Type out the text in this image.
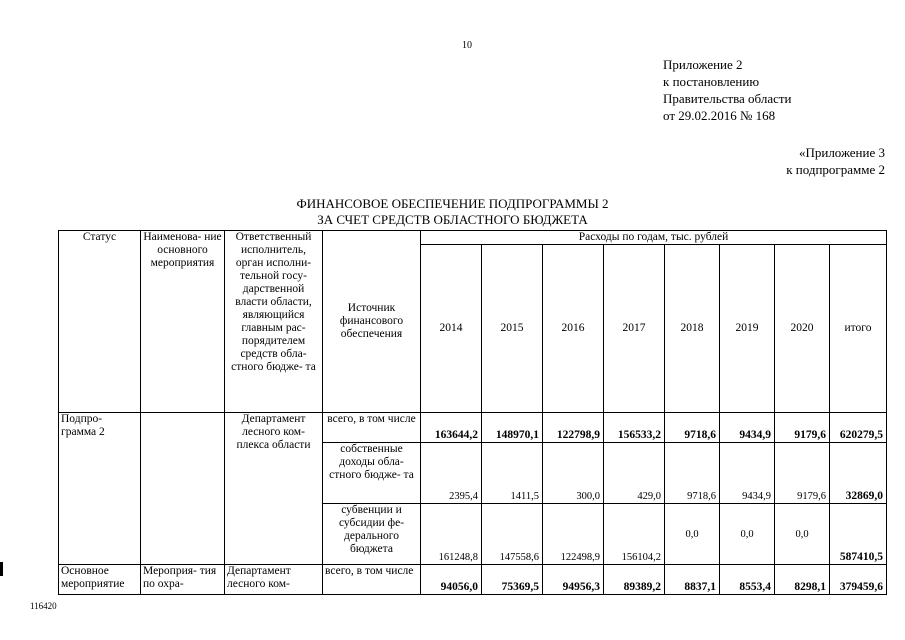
10
Приложение 2
к постановлению
Правительства области
от 29.02.2016 № 168
«Приложение 3
к подпрограмме 2
ФИНАНСОВОЕ ОБЕСПЕЧЕНИЕ ПОДПРОГРАММЫ 2
ЗА СЧЕТ СРЕДСТВ ОБЛАСТНОГО БЮДЖЕТА
Статус	Наименова- ние основного мероприятия	Ответственный исполнитель, орган исполни- тельной госу- дарственной власти области, являющийся главным рас- порядителем средств обла- стного бюдже- та	Источник финансового обеспечения	Расходы по годам, тыс. рублей							
				2014	2015	2016	2017	2018	2019	2020	итого
Подпро- грамма 2		Департамент лесного ком- плекса области	всего, в том числе	163644,2	148970,1	122798,9	156533,2	9718,6	9434,9	9179,6	620279,5
			собственные доходы обла- стного бюдже- та	2395,4	1411,5	300,0	429,0	9718,6	9434,9	9179,6	32869,0
			субвенции и субсидии фе- дерального бюджета	161248,8	147558,6	122498,9	156104,2	0,0	0,0	0,0	587410,5
Основное мероприятие	Мероприя- тия по охра-	Департамент лесного ком-	всего, в том числе	94056,0	75369,5	94956,3	89389,2	8837,1	8553,4	8298,1	379459,6
116420
